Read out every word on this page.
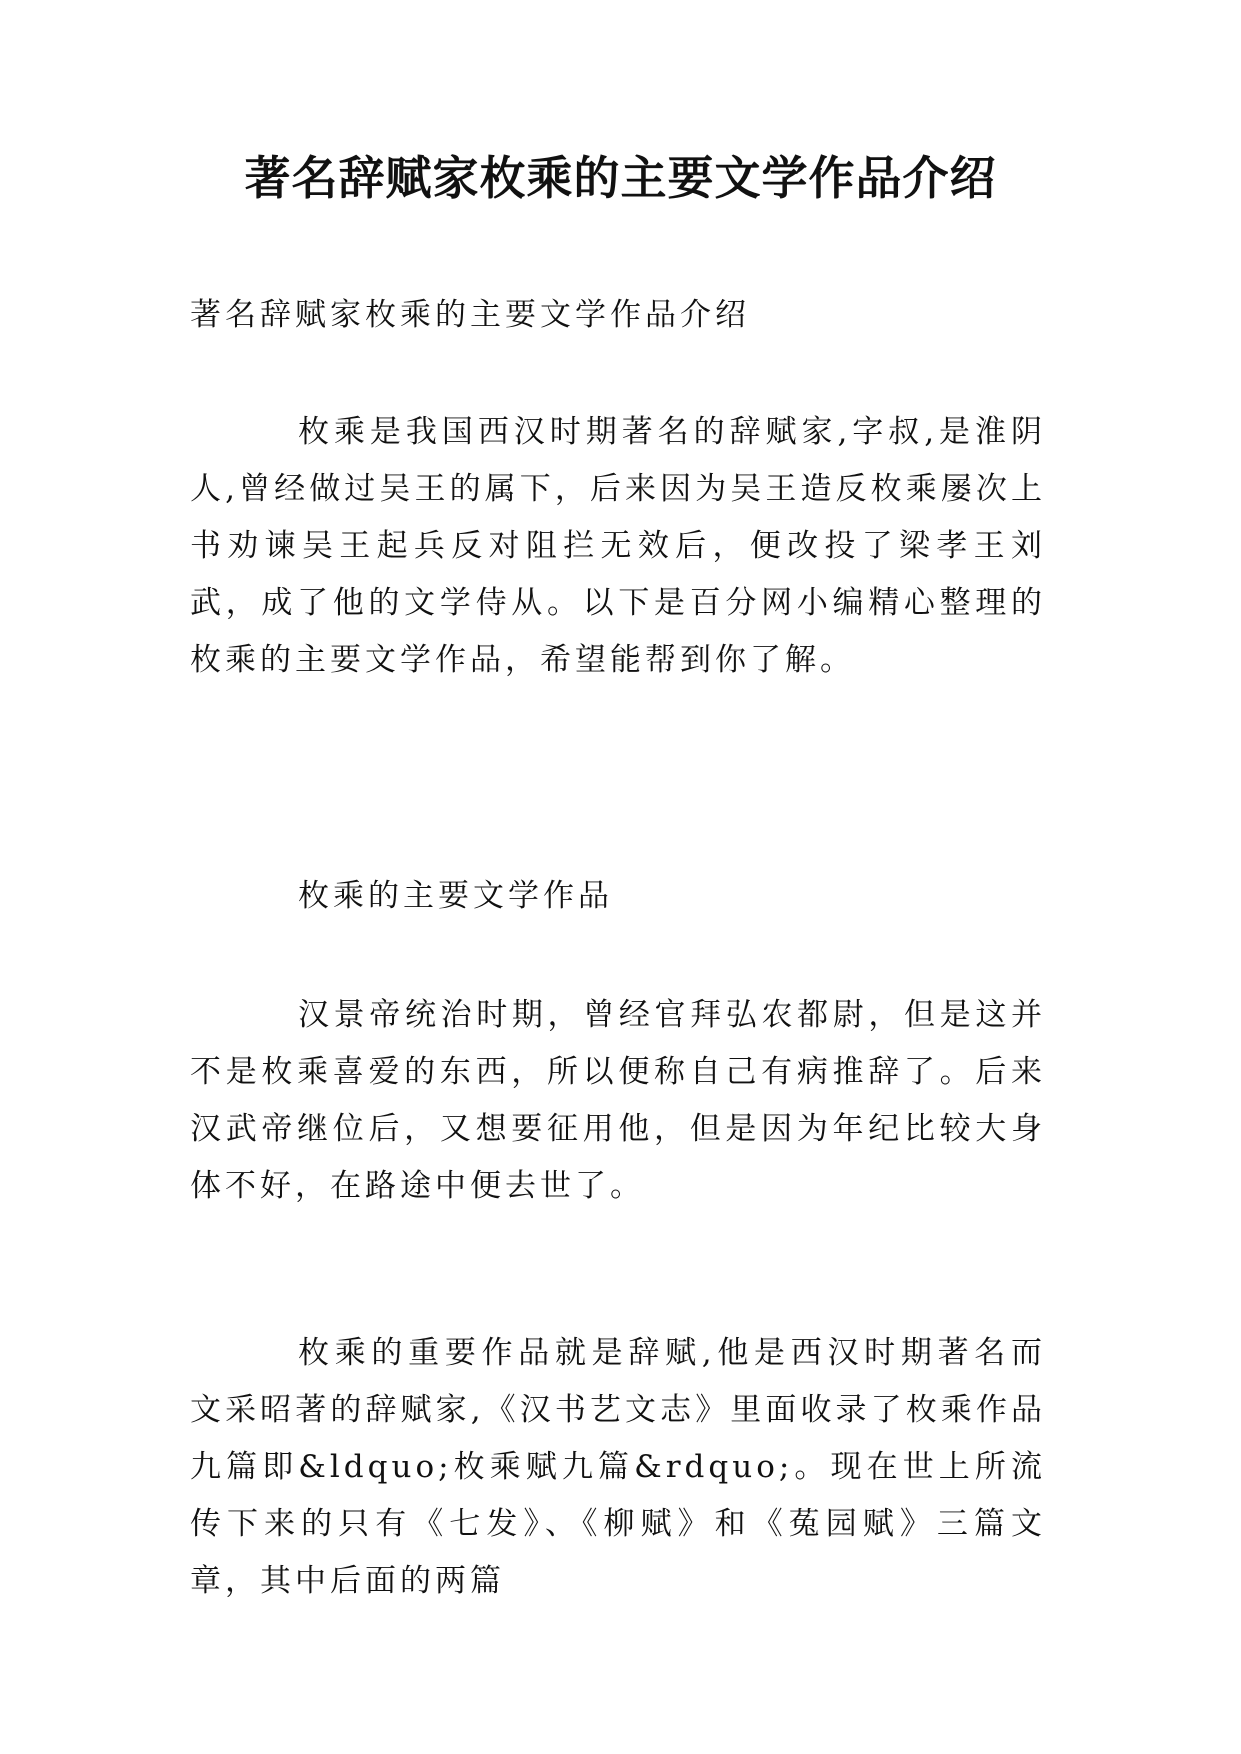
著名辞赋家枚乘的主要文学作品介绍
著名辞赋家枚乘的主要文学作品介绍

枚乘是我国西汉时期著名的辞赋家,字叔,是淮阴人,曾经做过吴王的属下，后来因为吴王造反枚乘屡次上书劝谏吴王起兵反对阻拦无效后，便改投了梁孝王刘武，成了他的文学侍从。以下是百分网小编精心整理的枚乘的主要文学作品，希望能帮到你了解。

枚乘的主要文学作品

汉景帝统治时期，曾经官拜弘农都尉，但是这并不是枚乘喜爱的东西，所以便称自己有病推辞了。后来汉武帝继位后，又想要征用他，但是因为年纪比较大身体不好，在路途中便去世了。

枚乘的重要作品就是辞赋,他是西汉时期著名而文采昭著的辞赋家,《汉书艺文志》里面收录了枚乘作品九篇即&ldquo;枚乘赋九篇&rdquo;。现在世上所流传下来的只有《七发》、《柳赋》和《菟园赋》三篇文章，其中后面的两篇
